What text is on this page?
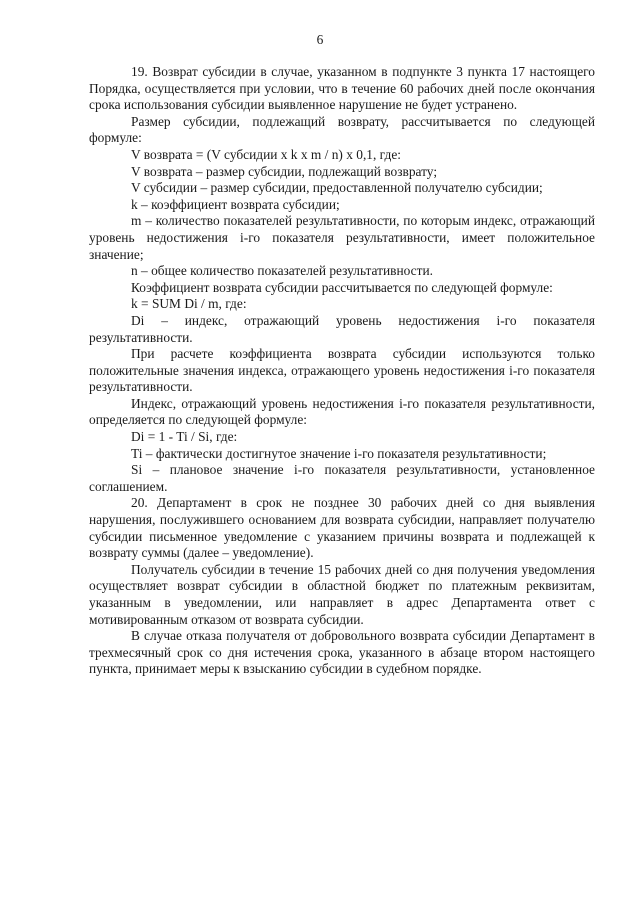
6

19. Возврат субсидии в случае, указанном в подпункте 3 пункта 17 настоящего Порядка, осуществляется при условии, что в течение 60 рабочих дней после окончания срока использования субсидии выявленное нарушение не будет устранено.

Размер субсидии, подлежащий возврату, рассчитывается по следующей формуле:

V возврата = (V субсидии x k x m / n) x 0,1, где:

V возврата – размер субсидии, подлежащий возврату;

V субсидии – размер субсидии, предоставленной получателю субсидии;

k – коэффициент возврата субсидии;

m – количество показателей результативности, по которым индекс, отражающий уровень недостижения i-го показателя результативности, имеет положительное значение;

n – общее количество показателей результативности.

Коэффициент возврата субсидии рассчитывается по следующей формуле:

k = SUM Di / m, где:

Di – индекс, отражающий уровень недостижения i-го показателя результативности.

При расчете коэффициента возврата субсидии используются только положительные значения индекса, отражающего уровень недостижения i-го показателя результативности.

Индекс, отражающий уровень недостижения i-го показателя результативности, определяется по следующей формуле:

Di = 1 - Ti / Si, где:

Ti – фактически достигнутое значение i-го показателя результативности;

Si – плановое значение i-го показателя результативности, установленное соглашением.

20. Департамент в срок не позднее 30 рабочих дней со дня выявления нарушения, послужившего основанием для возврата субсидии, направляет получателю субсидии письменное уведомление с указанием причины возврата и подлежащей к возврату суммы (далее – уведомление).

Получатель субсидии в течение 15 рабочих дней со дня получения уведомления осуществляет возврат субсидии в областной бюджет по платежным реквизитам, указанным в уведомлении, или направляет в адрес Департамента ответ с мотивированным отказом от возврата субсидии.

В случае отказа получателя от добровольного возврата субсидии Департамент в трехмесячный срок со дня истечения срока, указанного в абзаце втором настоящего пункта, принимает меры к взысканию субсидии в судебном порядке.
